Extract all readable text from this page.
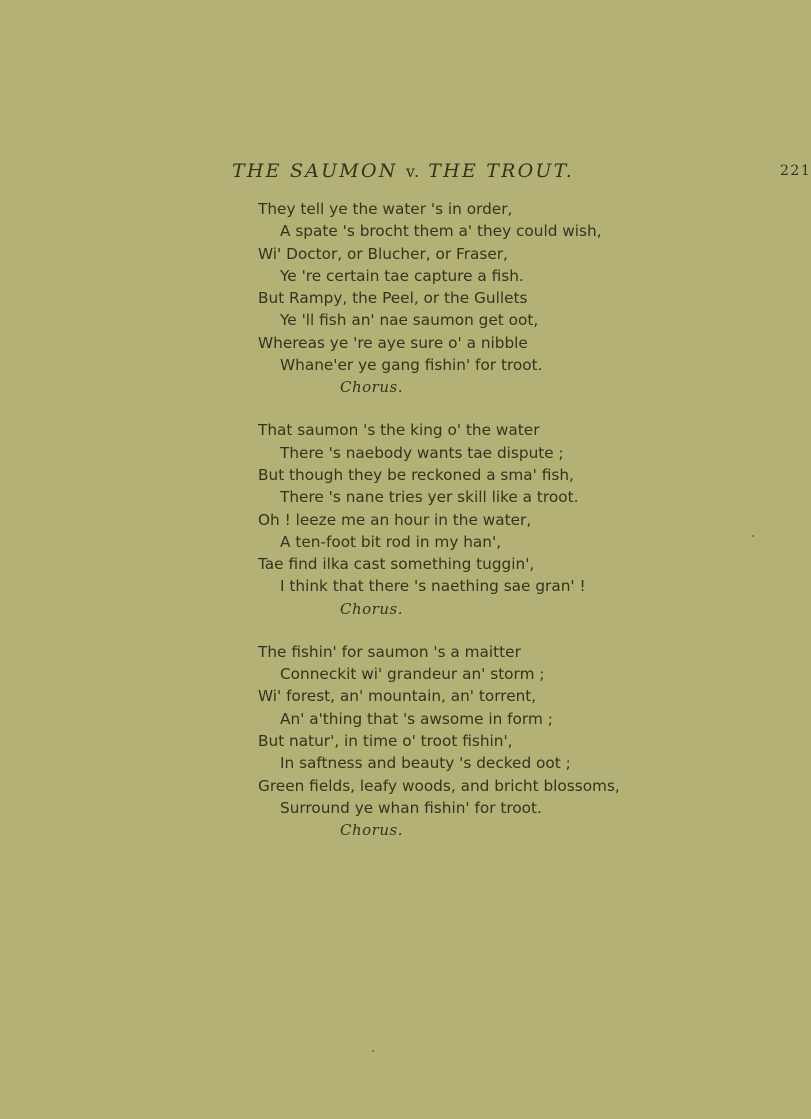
THE SAUMON v. THE TROUT.	221
They tell ye the water 's in order,
A spate 's brocht them a' they could wish,
Wi' Doctor, or Blucher, or Fraser,
Ye 're certain tae capture a fish.
But Rampy, the Peel, or the Gullets
Ye 'll fish an' nae saumon get oot,
Whereas ye 're aye sure o' a nibble
Whane'er ye gang fishin' for troot.
Chorus.
That saumon 's the king o' the water
There 's naebody wants tae dispute ;
But though they be reckoned a sma' fish,
There 's nane tries yer skill like a troot.
Oh ! leeze me an hour in the water,
A ten-foot bit rod in my han',
Tae find ilka cast something tuggin',
I think that there 's naething sae gran' !
Chorus.
The fishin' for saumon 's a maitter
Conneckit wi' grandeur an' storm ;
Wi' forest, an' mountain, an' torrent,
An' a'thing that 's awsome in form ;
But natur', in time o' troot fishin',
In saftness and beauty 's decked oot ;
Green fields, leafy woods, and bricht blossoms,
Surround ye whan fishin' for troot.
Chorus.
